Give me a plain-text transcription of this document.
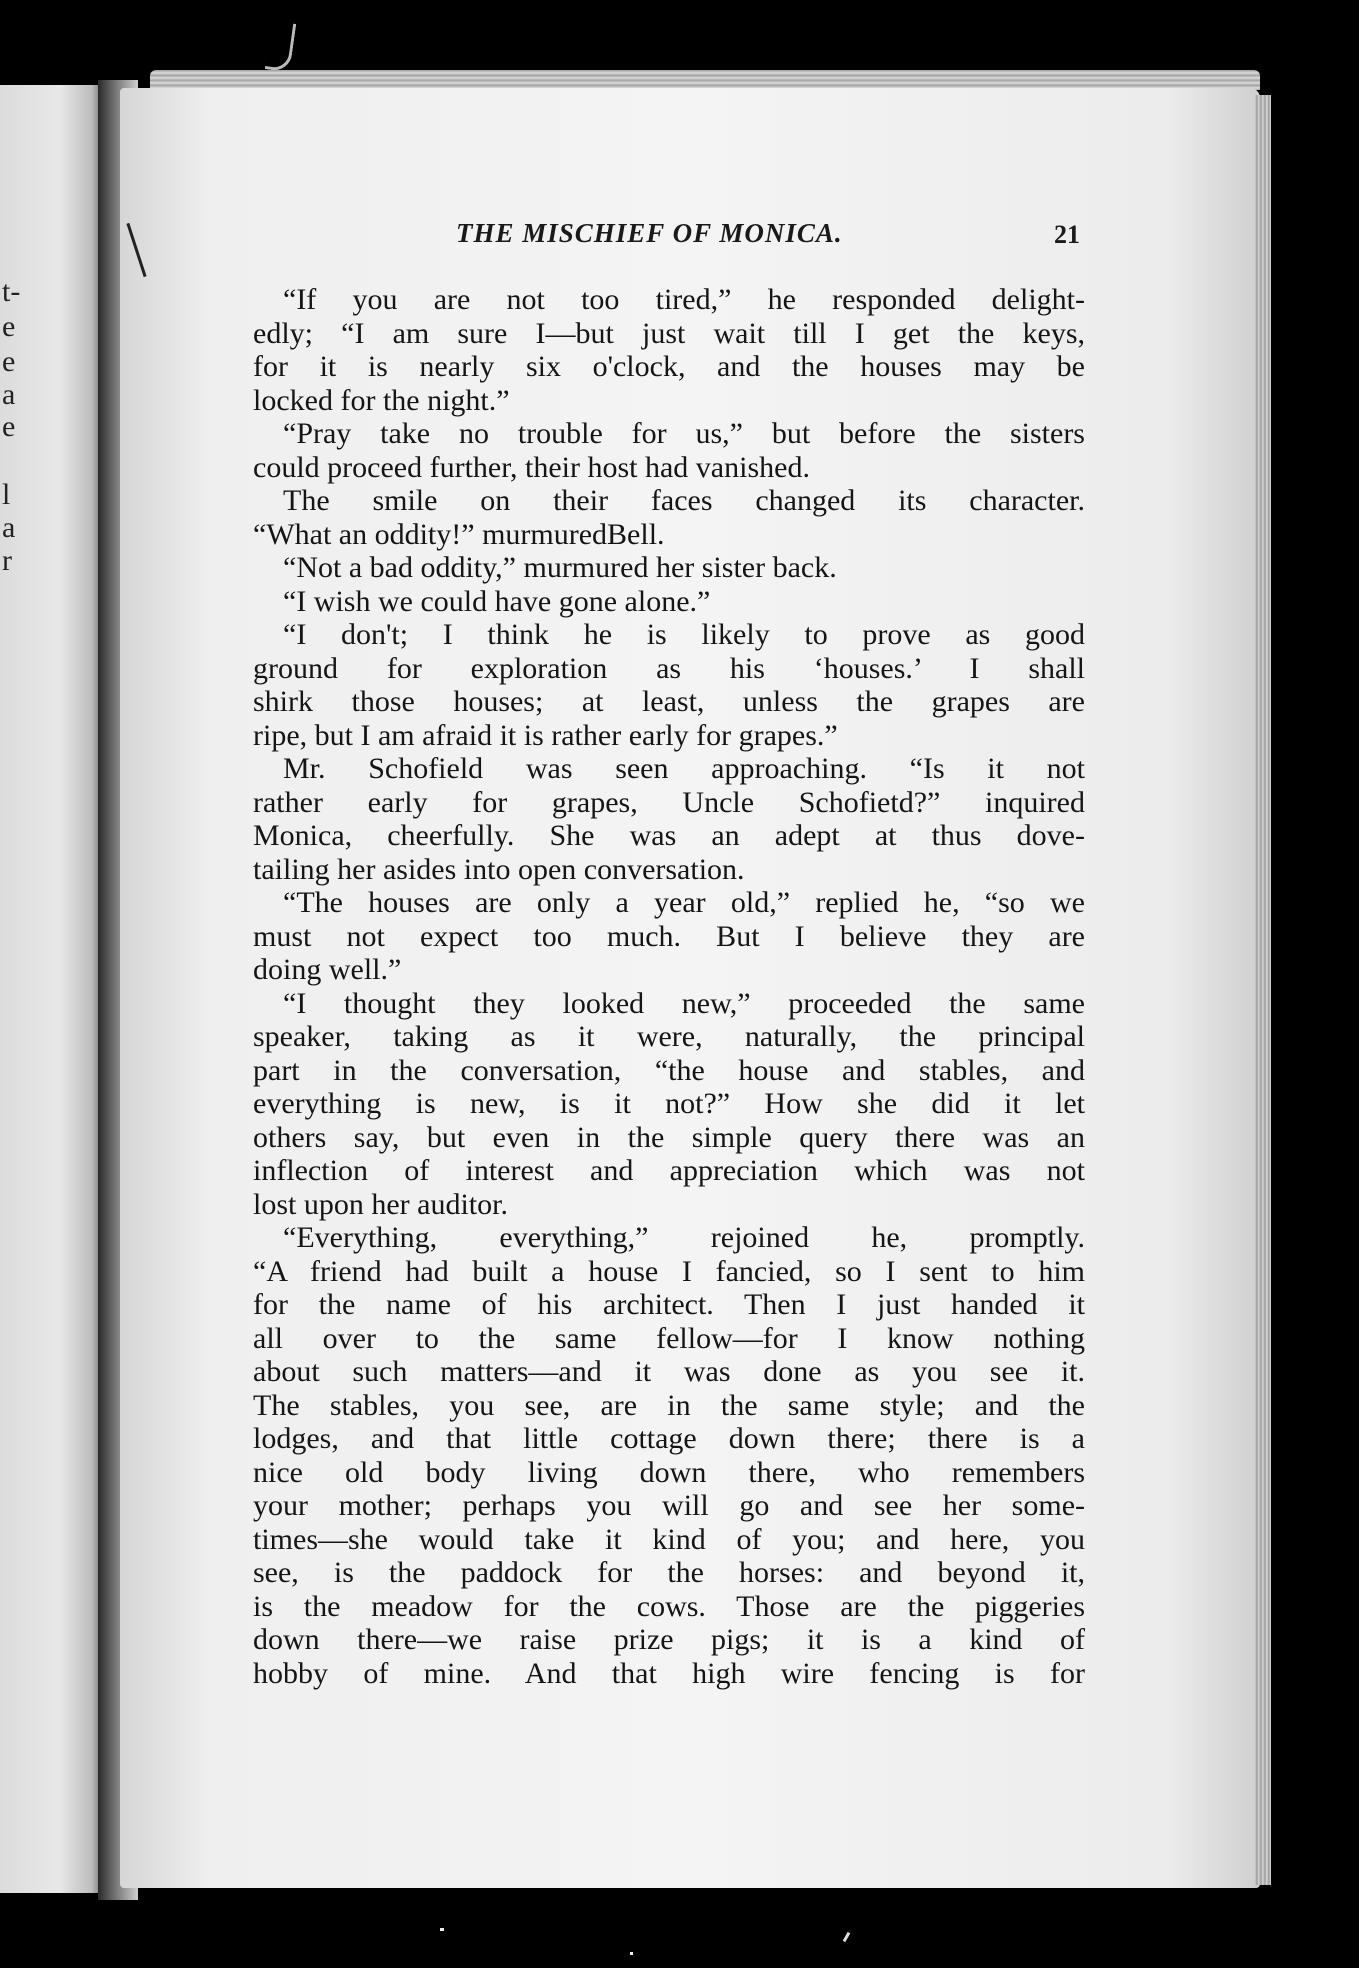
t-
e
e
a
e
l
a
r
THE MISCHIEF OF MONICA.	21
“If you are not too tired,” he responded delight-
edly; “I am sure I—but just wait till I get the keys,
for it is nearly six o'clock, and the houses may be
locked for the night.”
“Pray take no trouble for us,” but before the sisters
could proceed further, their host had vanished.
The smile on their faces changed its character.
“What an oddity!” murmuredBell.
“Not a bad oddity,” murmured her sister back.
“I wish we could have gone alone.”
“I don't; I think he is likely to prove as good
ground for exploration as his ‘houses.’ I shall
shirk those houses; at least, unless the grapes are
ripe, but I am afraid it is rather early for grapes.”
Mr. Schofield was seen approaching. “Is it not
rather early for grapes, Uncle Schofietd?” inquired
Monica, cheerfully. She was an adept at thus dove-
tailing her asides into open conversation.
“The houses are only a year old,” replied he, “so we
must not expect too much. But I believe they are
doing well.”
“I thought they looked new,” proceeded the same
speaker, taking as it were, naturally, the principal
part in the conversation, “the house and stables, and
everything is new, is it not?” How she did it let
others say, but even in the simple query there was an
inflection of interest and appreciation which was not
lost upon her auditor.
“Everything, everything,” rejoined he, promptly.
“A friend had built a house I fancied, so I sent to him
for the name of his architect. Then I just handed it
all over to the same fellow—for I know nothing
about such matters—and it was done as you see it.
The stables, you see, are in the same style; and the
lodges, and that little cottage down there; there is a
nice old body living down there, who remembers
your mother; perhaps you will go and see her some-
times—she would take it kind of you; and here, you
see, is the paddock for the horses: and beyond it,
is the meadow for the cows. Those are the piggeries
down there—we raise prize pigs; it is a kind of
hobby of mine. And that high wire fencing is for
